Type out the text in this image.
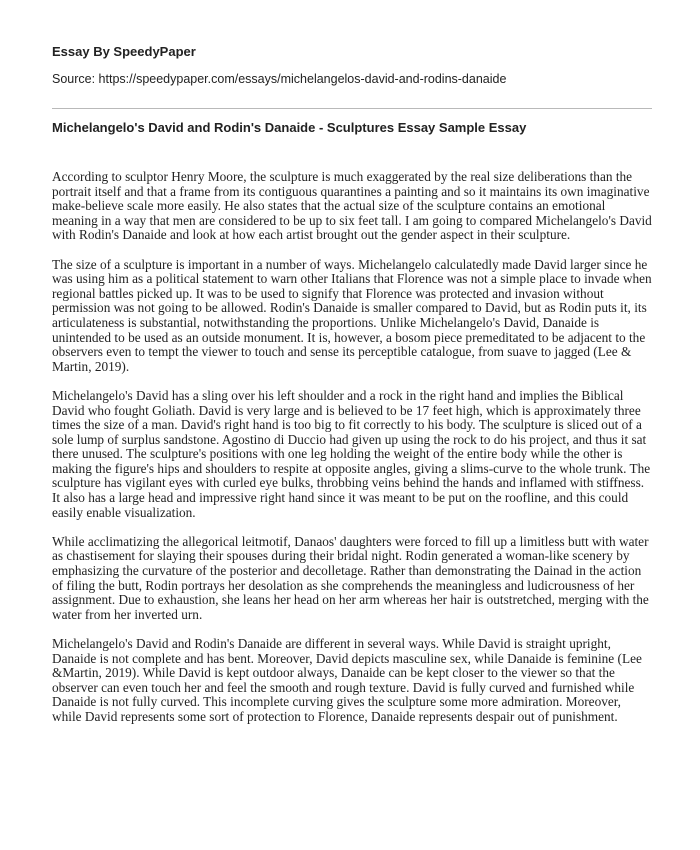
Essay By SpeedyPaper
Source: https://speedypaper.com/essays/michelangelos-david-and-rodins-danaide
Michelangelo's David and Rodin's Danaide - Sculptures Essay Sample Essay

According to sculptor Henry Moore, the sculpture is much exaggerated by the real size deliberations than the portrait itself and that a frame from its contiguous quarantines a painting and so it maintains its own imaginative make-believe scale more easily. He also states that the actual size of the sculpture contains an emotional meaning in a way that men are considered to be up to six feet tall. I am going to compared Michelangelo's David with Rodin's Danaide and look at how each artist brought out the gender aspect in their sculpture.

The size of a sculpture is important in a number of ways. Michelangelo calculatedly made David larger since he was using him as a political statement to warn other Italians that Florence was not a simple place to invade when regional battles picked up. It was to be used to signify that Florence was protected and invasion without permission was not going to be allowed. Rodin's Danaide is smaller compared to David, but as Rodin puts it, its articulateness is substantial, notwithstanding the proportions. Unlike Michelangelo's David, Danaide is unintended to be used as an outside monument. It is, however, a bosom piece premeditated to be adjacent to the observers even to tempt the viewer to touch and sense its perceptible catalogue, from suave to jagged (Lee & Martin, 2019).

Michelangelo's David has a sling over his left shoulder and a rock in the right hand and implies the Biblical David who fought Goliath. David is very large and is believed to be 17 feet high, which is approximately three times the size of a man. David's right hand is too big to fit correctly to his body. The sculpture is sliced out of a sole lump of surplus sandstone. Agostino di Duccio had given up using the rock to do his project, and thus it sat there unused. The sculpture's positions with one leg holding the weight of the entire body while the other is making the figure's hips and shoulders to respite at opposite angles, giving a slims-curve to the whole trunk. The sculpture has vigilant eyes with curled eye bulks, throbbing veins behind the hands and inflamed with stiffness. It also has a large head and impressive right hand since it was meant to be put on the roofline, and this could easily enable visualization.

While acclimatizing the allegorical leitmotif, Danaos' daughters were forced to fill up a limitless butt with water as chastisement for slaying their spouses during their bridal night. Rodin generated a woman-like scenery by emphasizing the curvature of the posterior and decolletage. Rather than demonstrating the Dainad in the action of filing the butt, Rodin portrays her desolation as she comprehends the meaningless and ludicrousness of her assignment. Due to exhaustion, she leans her head on her arm whereas her hair is outstretched, merging with the water from her inverted urn.

Michelangelo's David and Rodin's Danaide are different in several ways. While David is straight upright, Danaide is not complete and has bent. Moreover, David depicts masculine sex, while Danaide is feminine (Lee &Martin, 2019). While David is kept outdoor always, Danaide can be kept closer to the viewer so that the observer can even touch her and feel the smooth and rough texture. David is fully curved and furnished while Danaide is not fully curved. This incomplete curving gives the sculpture some more admiration. Moreover, while David represents some sort of protection to Florence, Danaide represents despair out of punishment.
